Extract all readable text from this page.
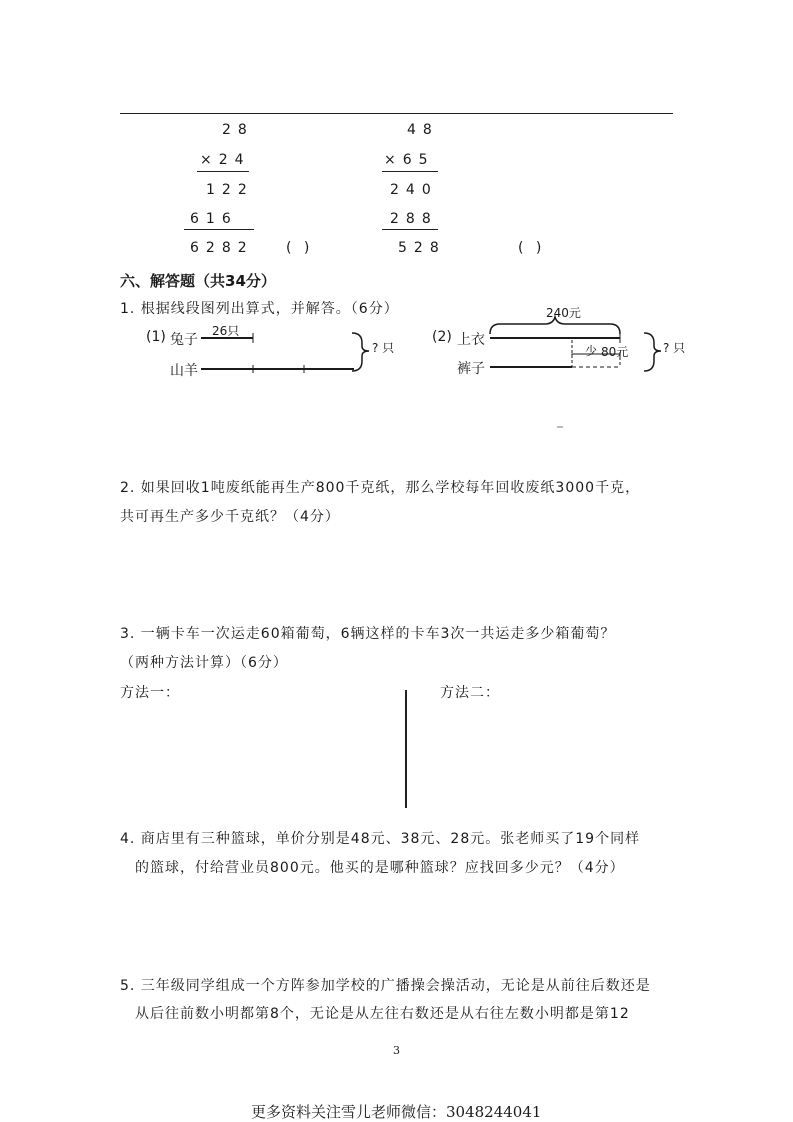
28
×24
122
616
6282 ( )
48
×65
240
288
528	( )
六、解答题（共34分）
1. 根据线段图列出算式，并解答。（6分）
(1) 兔子
26只
山羊
? 只
(2) 上衣
240元
裤子
少 80元	? 只
2. 如果回收1吨废纸能再生产800千克纸，那么学校每年回收废纸3000千克，
共可再生产多少千克纸？（4分）
3. 一辆卡车一次运走60箱葡萄，6辆这样的卡车3次一共运走多少箱葡萄？
（两种方法计算）（6分）
方法一：	方法二：
4. 商店里有三种篮球，单价分别是48元、38元、28元。张老师买了19个同样
的篮球，付给营业员800元。他买的是哪种篮球？应找回多少元？（4分）
5. 三年级同学组成一个方阵参加学校的广播操会操活动，无论是从前往后数还是
从后往前数小明都第8个，无论是从左往右数还是从右往左数小明都是第12
3
更多资料关注雪儿老师微信：3048244041
